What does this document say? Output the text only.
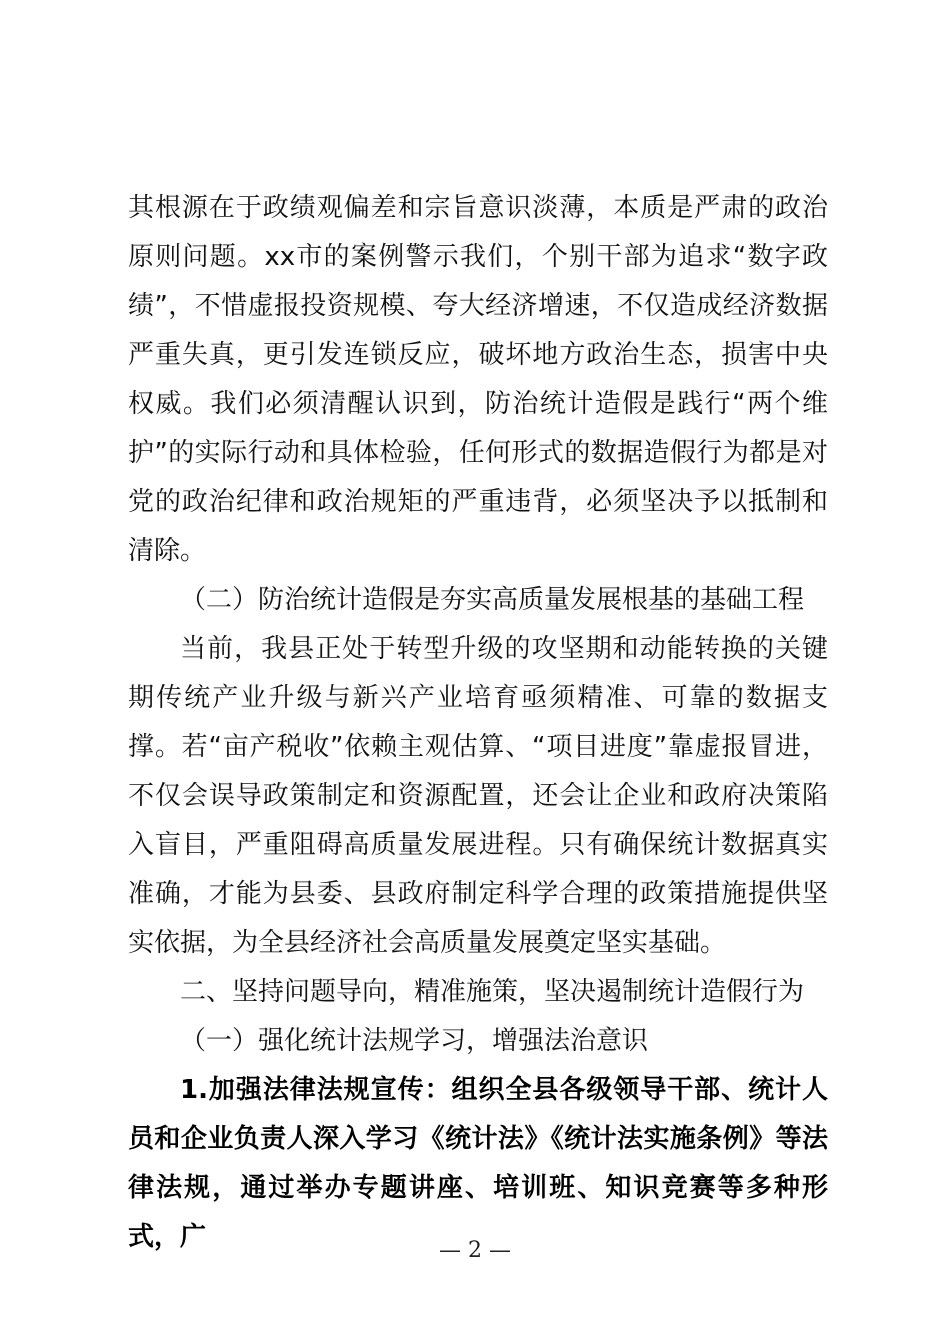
其根源在于政绩观偏差和宗旨意识淡薄，本质是严肃的政治原则问题。xx市的案例警示我们，个别干部为追求“数字政绩”，不惜虚报投资规模、夸大经济增速，不仅造成经济数据严重失真，更引发连锁反应，破坏地方政治生态，损害中央权威。我们必须清醒认识到，防治统计造假是践行“两个维护”的实际行动和具体检验，任何形式的数据造假行为都是对党的政治纪律和政治规矩的严重违背，必须坚决予以抵制和清除。

（二）防治统计造假是夯实高质量发展根基的基础工程

当前，我县正处于转型升级的攻坚期和动能转换的关键期传统产业升级与新兴产业培育亟须精准、可靠的数据支撑。若“亩产税收”依赖主观估算、“项目进度”靠虚报冒进，不仅会误导政策制定和资源配置，还会让企业和政府决策陷入盲目，严重阻碍高质量发展进程。只有确保统计数据真实准确，才能为县委、县政府制定科学合理的政策措施提供坚实依据，为全县经济社会高质量发展奠定坚实基础。

二、坚持问题导向，精准施策，坚决遏制统计造假行为

（一）强化统计法规学习，增强法治意识

1.加强法律法规宣传：组织全县各级领导干部、统计人员和企业负责人深入学习《统计法》《统计法实施条例》等法律法规，通过举办专题讲座、培训班、知识竞赛等多种形式，广	— 2 —
